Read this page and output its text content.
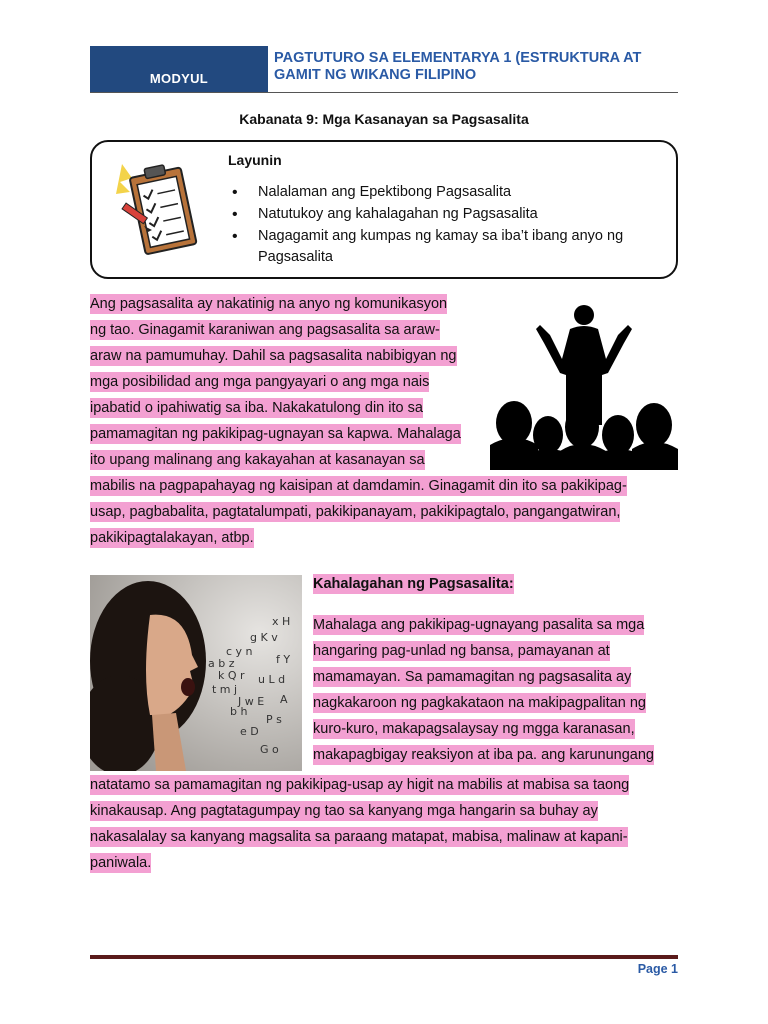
MODYUL
PAGTUTURO SA ELEMENTARYA 1 (ESTRUKTURA AT GAMIT NG WIKANG FILIPINO
Kabanata 9: Mga Kasanayan sa Pagsasalita
Layunin
• Nalalaman ang Epektibong Pagsasalita
• Natutukoy ang kahalagahan ng Pagsasalita
• Nagagamit ang kumpas ng kamay sa iba’t ibang anyo ng Pagsasalita
Ang pagsasalita ay nakatinig na anyo ng komunikasyon
ng tao. Ginagamit karaniwan ang pagsasalita sa araw-
araw na pamumuhay. Dahil sa pagsasalita nabibigyan ng
mga posibilidad ang mga pangyayari o ang mga nais
ipabatid o ipahiwatig sa iba. Nakakatulong din ito sa
pamamagitan ng pakikipag-ugnayan sa kapwa. Mahalaga
ito upang malinang ang kakayahan at kasanayan sa
mabilis na pagpapahayag ng kaisipan at damdamin. Ginagamit din ito sa pakikipag-
usap, pagbabalita, pagtatalumpati, pakikipanayam, pakikipagtalo, pangangatwiran,
pakikipagtalakayan, atbp.
a b z
k Q r
t m j
c y n
J w E
g K v
u L d
P s
x H
e D
f Y
b h
G o
A
Kahalagahan ng Pagsasalita:
Mahalaga ang pakikipag-ugnayang pasalita sa mga
hangaring pag-unlad ng bansa, pamayanan at
mamamayan. Sa pamamagitan ng pagsasalita ay
nagkakaroon ng pagkakataon na makipagpalitan ng
kuro-kuro, makapagsalaysay ng mgga karanasan,
makapagbigay reaksiyon at iba pa. ang karunungang
natatamo sa pamamagitan ng pakikipag-usap ay higit na mabilis at mabisa sa taong
kinakausap. Ang pagtatagumpay ng tao sa kanyang mga hangarin sa buhay ay
nakasalalay sa kanyang magsalita sa paraang matapat, mabisa, malinaw at kapani-
paniwala.
Page 1
